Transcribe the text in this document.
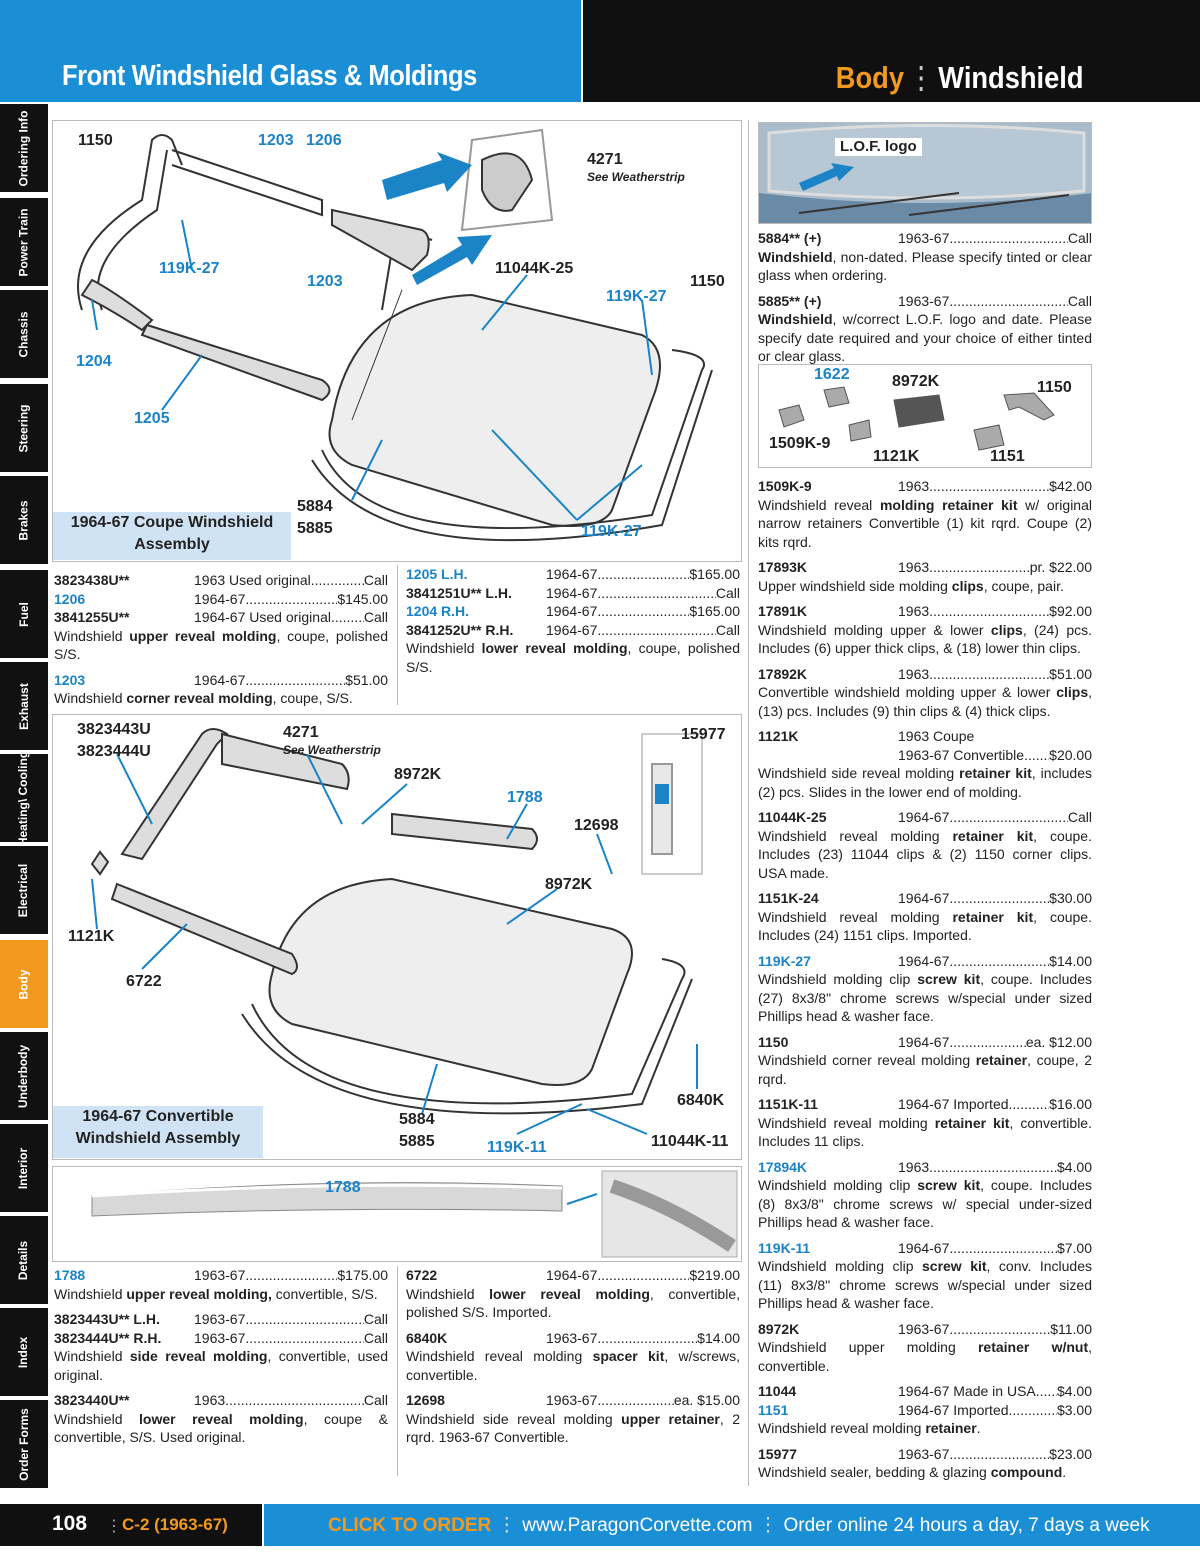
Front Windshield Glass & Moldings	Body ⋮ Windshield
Ordering Info
Power Train
Chassis
Steering
Brakes
Fuel
Exhaust
Heating\ Cooling
Electrical
Body
Underbody
Interior
Details
Index
Order Forms
1150	1203 1206
4271
119K-27
1203
11044K-25
119K-27
1150
1204
1205
5884
5885	119K-27
See Weatherstrip
1964-67 Coupe Windshield Assembly
3823438U**	1963 Used original .....	Call
1206	1964-67 .....	$145.00
3841255U**	1964-67 Used original ..... Call
Windshield upper reveal molding, coupe, polished S/S.
1203	1964-67 .....	$51.00
Windshield corner reveal molding, coupe, S/S.
1205 L.H.	1964-67 .....	$165.00
3841251U** L.H.	1964-67 .....	Call
1204 R.H.	1964-67 .....	$165.00
3841252U** R.H.	1964-67 .....	Call
Windshield lower reveal molding, coupe, polished S/S.
3823443U
3823444U
4271	15977
8972K
1788
12698
8972K
1121K
6722
6840K
5884
5885	119K-11	11044K-11
See Weatherstrip
1964-67 Convertible Windshield Assembly
1788
1788	1963-67 .....	$175.00
Windshield upper reveal molding, convertible, S/S.
3823443U** L.H.	1963-67 .....	Call
3823444U** R.H.	1963-67 .....	Call
Windshield side reveal molding, convertible, used original.
3823440U**	1963 .....	Call
Windshield lower reveal molding, coupe & convertible, S/S. Used original.
6722	1964-67 .....	$219.00
Windshield lower reveal molding, convertible, polished S/S. Imported.
6840K	1963-67 .....	$14.00
Windshield reveal molding spacer kit, w/screws, convertible.
12698	1963-67 .....	ea. $15.00
Windshield side reveal molding upper retainer, 2 rqrd. 1963-67 Convertible.
L.O.F. logo
5884** (+)	1963-67 .....	Call
Windshield, non-dated. Please specify tinted or clear glass when ordering.
5885** (+)	1963-67 .....	Call
Windshield, w/correct L.O.F. logo and date. Please specify date required and your choice of either tinted or clear glass.
1622	8972K	1150
1509K-9
1121K	1151
1509K-9	1963 .....	$42.00
Windshield reveal molding retainer kit w/ original narrow retainers Convertible (1) kit rqrd. Coupe (2) kits rqrd.
17893K	1963 .....	pr. $22.00
Upper windshield side molding clips, coupe, pair.
17891K	1963 .....	$92.00
Windshield molding upper & lower clips, (24) pcs. Includes (6) upper thick clips, & (18) lower thin clips.
17892K	1963 .....	$51.00
Convertible windshield molding upper & lower clips, (13) pcs. Includes (9) thin clips & (4) thick clips.
1121K	1963 Coupe
1963-67 Convertible ..... $20.00
Windshield side reveal molding retainer kit, includes (2) pcs. Slides in the lower end of molding.
11044K-25	1964-67 .....	Call
Windshield reveal molding retainer kit, coupe. Includes (23) 11044 clips & (2) 1150 corner clips. USA made.
1151K-24	1964-67 .....	$30.00
Windshield reveal molding retainer kit, coupe. Includes (24) 1151 clips. Imported.
119K-27	1964-67 .....	$14.00
Windshield molding clip screw kit, coupe. Includes (27) 8x3/8" chrome screws w/special under sized Phillips head & washer face.
1150	1964-67 .....	ea. $12.00
Windshield corner reveal molding retainer, coupe, 2 rqrd.
1151K-11	1964-67 Imported .....	$16.00
Windshield reveal molding retainer kit, convertible. Includes 11 clips.
17894K	1963 .....	$4.00
Windshield molding clip screw kit, coupe. Includes (8) 8x3/8" chrome screws w/ special under-sized Phillips head & washer face.
119K-11	1964-67 .....	$7.00
Windshield molding clip screw kit, conv. Includes (11) 8x3/8" chrome screws w/special under sized Phillips head & washer face.
8972K	1963-67 .....	$11.00
Windshield upper molding retainer w/nut, convertible.
11044	1964-67 Made in USA ..... $4.00
1151	1964-67 Imported .....	$3.00
Windshield reveal molding retainer.
15977	1963-67 .....	$23.00
Windshield sealer, bedding & glazing compound.
108 ⋮ C-2 (1963-67)	CLICK TO ORDER ⋮ www.ParagonCorvette.com ⋮ Order online 24 hours a day, 7 days a week
